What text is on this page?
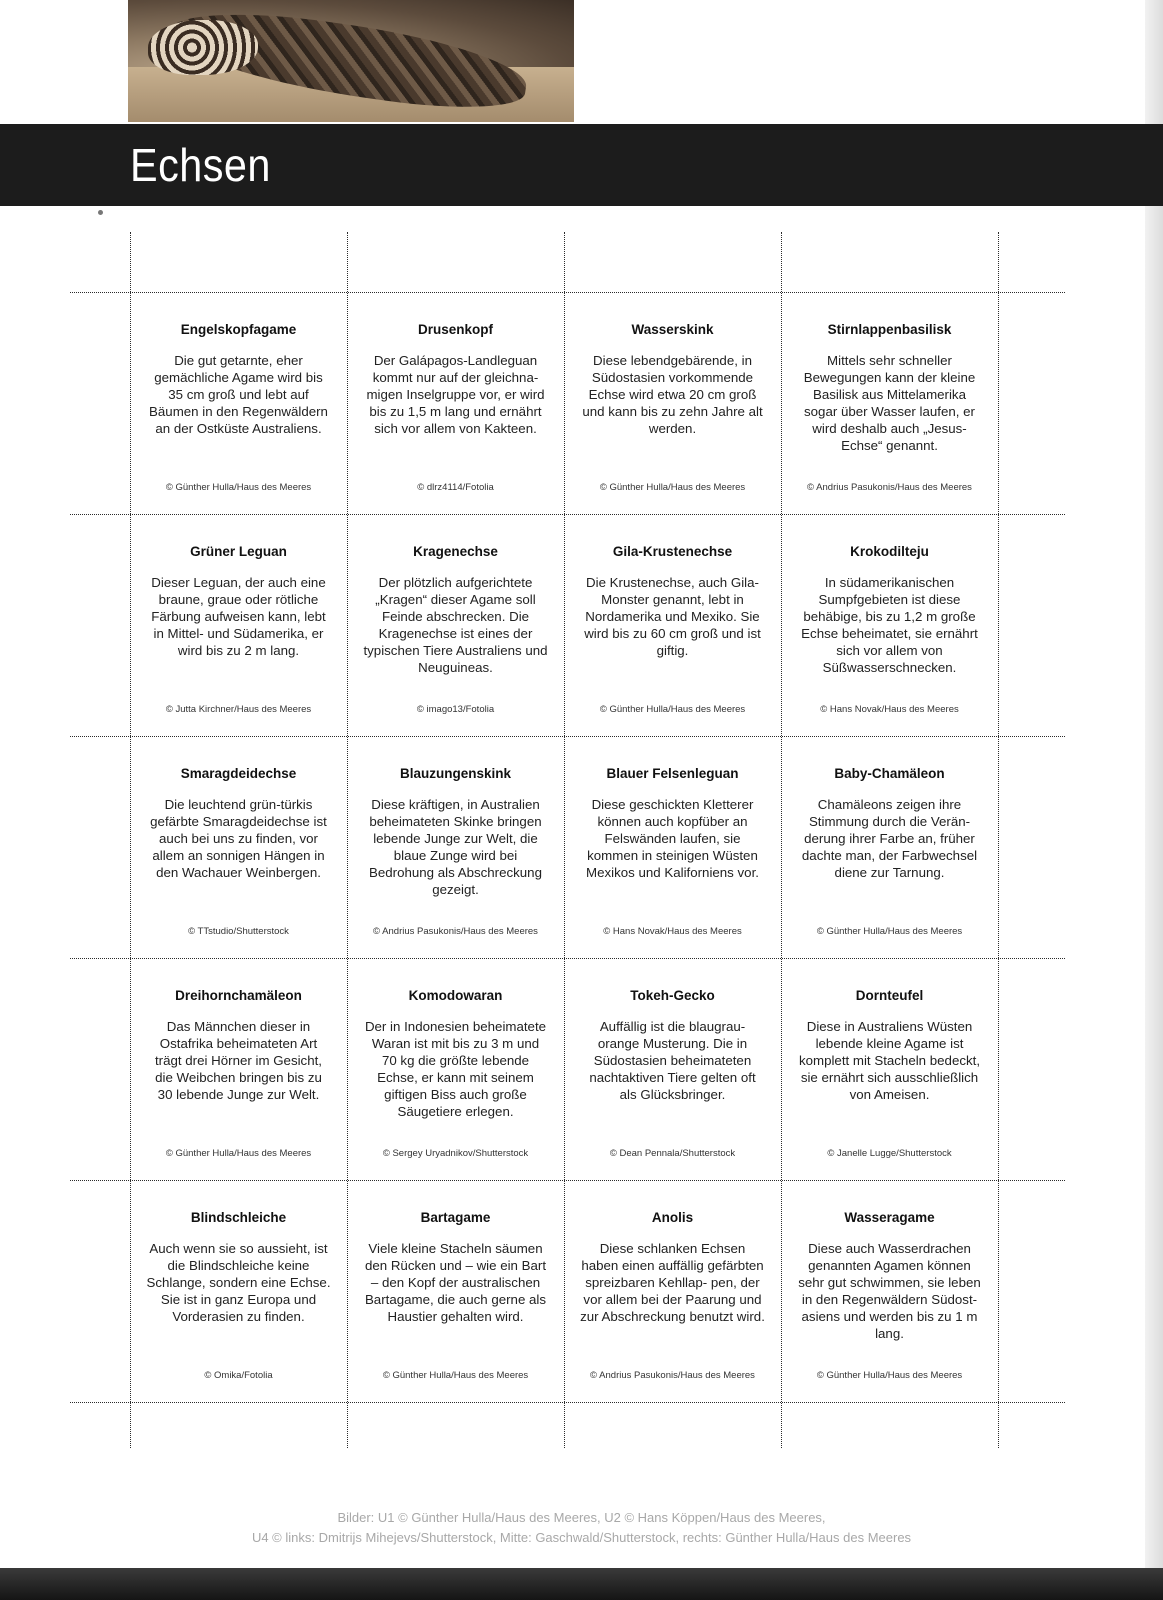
Echsen
Engelskopfagame
Die gut getarnte, eher gemächliche Agame wird bis 35 cm groß und lebt auf Bäumen in den Regenwäldern an der Ostküste Australiens.
© Günther Hulla/Haus des Meeres
Drusenkopf
Der Galápagos-Landleguan kommt nur auf der gleichna- migen Inselgruppe vor, er wird bis zu 1,5 m lang und ernährt sich vor allem von Kakteen.
© dlrz4114/Fotolia
Wasserskink
Diese lebendgebärende, in Südostasien vorkommende Echse wird etwa 20 cm groß und kann bis zu zehn Jahre alt werden.
© Günther Hulla/Haus des Meeres
Stirnlappenbasilisk
Mittels sehr schneller Bewegungen kann der kleine Basilisk aus Mittelamerika sogar über Wasser laufen, er wird deshalb auch „Jesus- Echse“ genannt.
© Andrius Pasukonis/Haus des Meeres
Grüner Leguan
Dieser Leguan, der auch eine braune, graue oder rötliche Färbung aufweisen kann, lebt in Mittel- und Südamerika, er wird bis zu 2 m lang.
© Jutta Kirchner/Haus des Meeres
Kragenechse
Der plötzlich aufgerichtete „Kragen“ dieser Agame soll Feinde abschrecken. Die Kragenechse ist eines der typischen Tiere Australiens und Neuguineas.
© imago13/Fotolia
Gila-Krustenechse
Die Krustenechse, auch Gila-Monster genannt, lebt in Nordamerika und Mexiko. Sie wird bis zu 60 cm groß und ist giftig.
© Günther Hulla/Haus des Meeres
Krokodilteju
In südamerikanischen Sumpfgebieten ist diese behäbige, bis zu 1,2 m große Echse beheimatet, sie ernährt sich vor allem von Süßwasserschnecken.
© Hans Novak/Haus des Meeres
Smaragdeidechse
Die leuchtend grün-türkis gefärbte Smaragdeidechse ist auch bei uns zu finden, vor allem an sonnigen Hängen in den Wachauer Weinbergen.
© TTstudio/Shutterstock
Blauzungenskink
Diese kräftigen, in Australien beheimateten Skinke bringen lebende Junge zur Welt, die blaue Zunge wird bei Bedrohung als Abschreckung gezeigt.
© Andrius Pasukonis/Haus des Meeres
Blauer Felsenleguan
Diese geschickten Kletterer können auch kopfüber an Felswänden laufen, sie kommen in steinigen Wüsten Mexikos und Kaliforniens vor.
© Hans Novak/Haus des Meeres
Baby-Chamäleon
Chamäleons zeigen ihre Stimmung durch die Verän- derung ihrer Farbe an, früher dachte man, der Farbwechsel diene zur Tarnung.
© Günther Hulla/Haus des Meeres
Dreihornchamäleon
Das Männchen dieser in Ostafrika beheimateten Art trägt drei Hörner im Gesicht, die Weibchen bringen bis zu 30 lebende Junge zur Welt.
© Günther Hulla/Haus des Meeres
Komodowaran
Der in Indonesien beheimatete Waran ist mit bis zu 3 m und 70 kg die größte lebende Echse, er kann mit seinem giftigen Biss auch große Säugetiere erlegen.
© Sergey Uryadnikov/Shutterstock
Tokeh-Gecko
Auffällig ist die blaugrau- orange Musterung. Die in Südostasien beheimateten nachtaktiven Tiere gelten oft als Glücksbringer.
© Dean Pennala/Shutterstock
Dornteufel
Diese in Australiens Wüsten lebende kleine Agame ist komplett mit Stacheln bedeckt, sie ernährt sich ausschließlich von Ameisen.
© Janelle Lugge/Shutterstock
Blindschleiche
Auch wenn sie so aussieht, ist die Blindschleiche keine Schlange, sondern eine Echse. Sie ist in ganz Europa und Vorderasien zu finden.
© Omika/Fotolia
Bartagame
Viele kleine Stacheln säumen den Rücken und – wie ein Bart – den Kopf der australischen Bartagame, die auch gerne als Haustier gehalten wird.
© Günther Hulla/Haus des Meeres
Anolis
Diese schlanken Echsen haben einen auffällig gefärbten spreizbaren Kehllap- pen, der vor allem bei der Paarung und zur Abschreckung benutzt wird.
© Andrius Pasukonis/Haus des Meeres
Wasseragame
Diese auch Wasserdrachen genannten Agamen können sehr gut schwimmen, sie leben in den Regenwäldern Südost- asiens und werden bis zu 1 m lang.
© Günther Hulla/Haus des Meeres
Bilder: U1 © Günther Hulla/Haus des Meeres, U2 © Hans Köppen/Haus des Meeres,
U4 © links: Dmitrijs Mihejevs/Shutterstock, Mitte: Gaschwald/Shutterstock, rechts: Günther Hulla/Haus des Meeres
